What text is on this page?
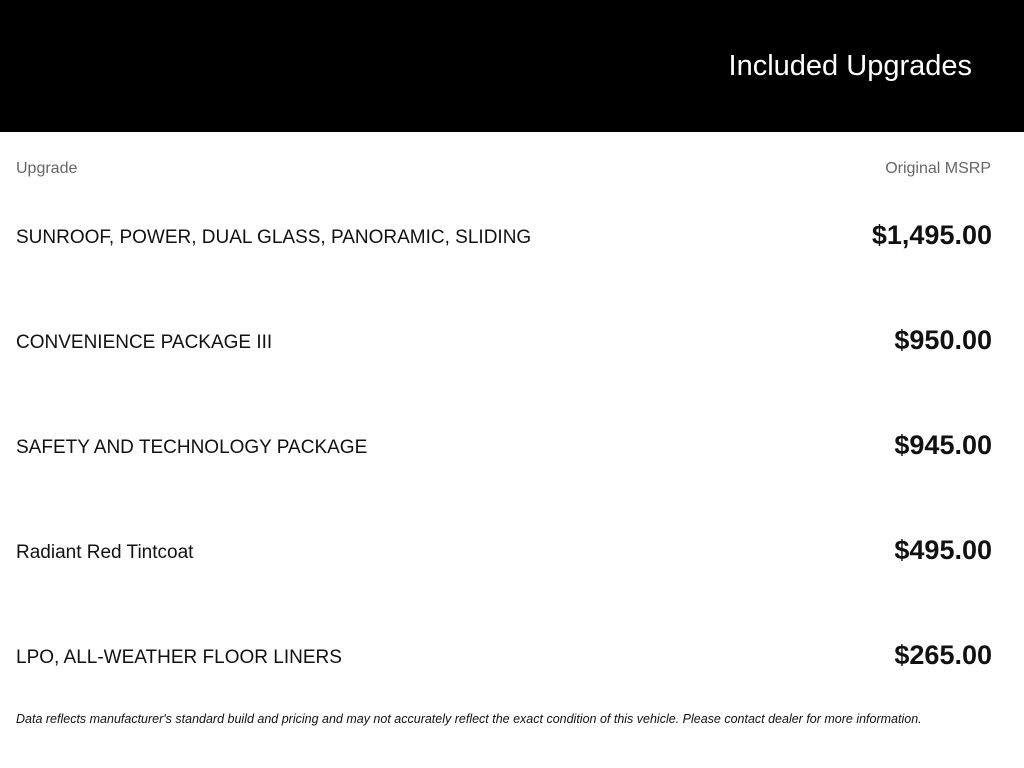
Included Upgrades
Upgrade	Original MSRP
SUNROOF, POWER, DUAL GLASS, PANORAMIC, SLIDING	$1,495.00
CONVENIENCE PACKAGE III	$950.00
SAFETY AND TECHNOLOGY PACKAGE	$945.00
Radiant Red Tintcoat	$495.00
LPO, ALL-WEATHER FLOOR LINERS	$265.00
Data reflects manufacturer's standard build and pricing and may not accurately reflect the exact condition of this vehicle. Please contact dealer for more information.
